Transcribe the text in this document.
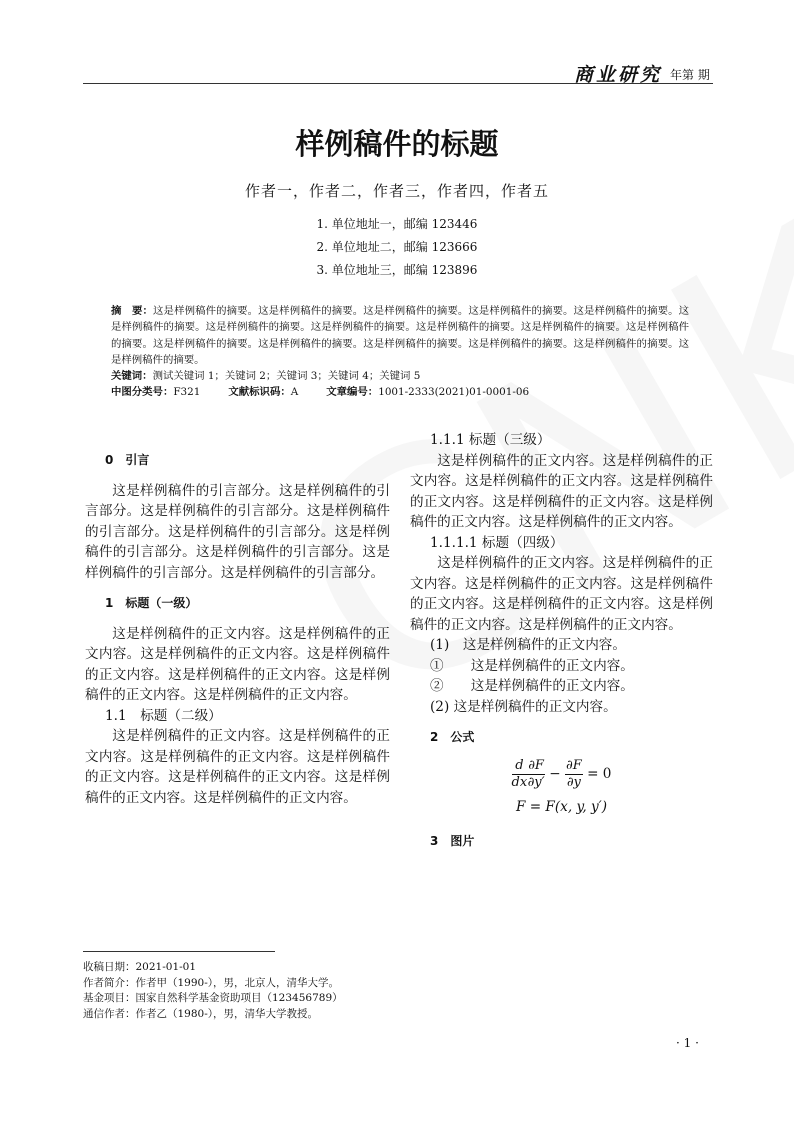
商业研究 年第 期
样例稿件的标题
作者一，作者二，作者三，作者四，作者五
1. 单位地址一，邮编 123446
2. 单位地址二，邮编 123666
3. 单位地址三，邮编 123896
摘　要：这是样例稿件的摘要。这是样例稿件的摘要。这是样例稿件的摘要。这是样例稿件的摘要。这是样例稿件的摘要。这是样例稿件的摘要。这是样例稿件的摘要。这是样例稿件的摘要。这是样例稿件的摘要。这是样例稿件的摘要。这是样例稿件的摘要。这是样例稿件的摘要。这是样例稿件的摘要。这是样例稿件的摘要。这是样例稿件的摘要。这是样例稿件的摘要。这是样例稿件的摘要。
关键词：测试关键词 1；关键词 2；关键词 3；关键词 4；关键词 5
中图分类号：F321	文献标识码：A	文章编号：1001-2333(2021)01-0001-06
0　引言

这是样例稿件的引言部分。这是样例稿件的引言部分。这是样例稿件的引言部分。这是样例稿件的引言部分。这是样例稿件的引言部分。这是样例稿件的引言部分。这是样例稿件的引言部分。这是样例稿件的引言部分。这是样例稿件的引言部分。

1　标题（一级）

这是样例稿件的正文内容。这是样例稿件的正文内容。这是样例稿件的正文内容。这是样例稿件的正文内容。这是样例稿件的正文内容。这是样例稿件的正文内容。这是样例稿件的正文内容。

1.1　标题（二级）

这是样例稿件的正文内容。这是样例稿件的正文内容。这是样例稿件的正文内容。这是样例稿件的正文内容。这是样例稿件的正文内容。这是样例稿件的正文内容。这是样例稿件的正文内容。

1.1.1 标题（三级）

这是样例稿件的正文内容。这是样例稿件的正文内容。这是样例稿件的正文内容。这是样例稿件的正文内容。这是样例稿件的正文内容。这是样例稿件的正文内容。这是样例稿件的正文内容。

1.1.1.1 标题（四级）

这是样例稿件的正文内容。这是样例稿件的正文内容。这是样例稿件的正文内容。这是样例稿件的正文内容。这是样例稿件的正文内容。这是样例稿件的正文内容。这是样例稿件的正文内容。

(1)　这是样例稿件的正文内容。
①　　这是样例稿件的正文内容。
②　　这是样例稿件的正文内容。
(2) 这是样例稿件的正文内容。
2　公式
$\frac{d}{dx} \frac{\partial F}{\partial y'} - \frac{\partial F}{\partial y} = 0$
F = F(x, y, y′)
3　图片
收稿日期：2021-01-01
作者简介：作者甲（1990-），男，北京人，清华大学。
基金项目：国家自然科学基金资助项目（123456789）
通信作者：作者乙（1980-），男，清华大学教授。
· 1 ·
